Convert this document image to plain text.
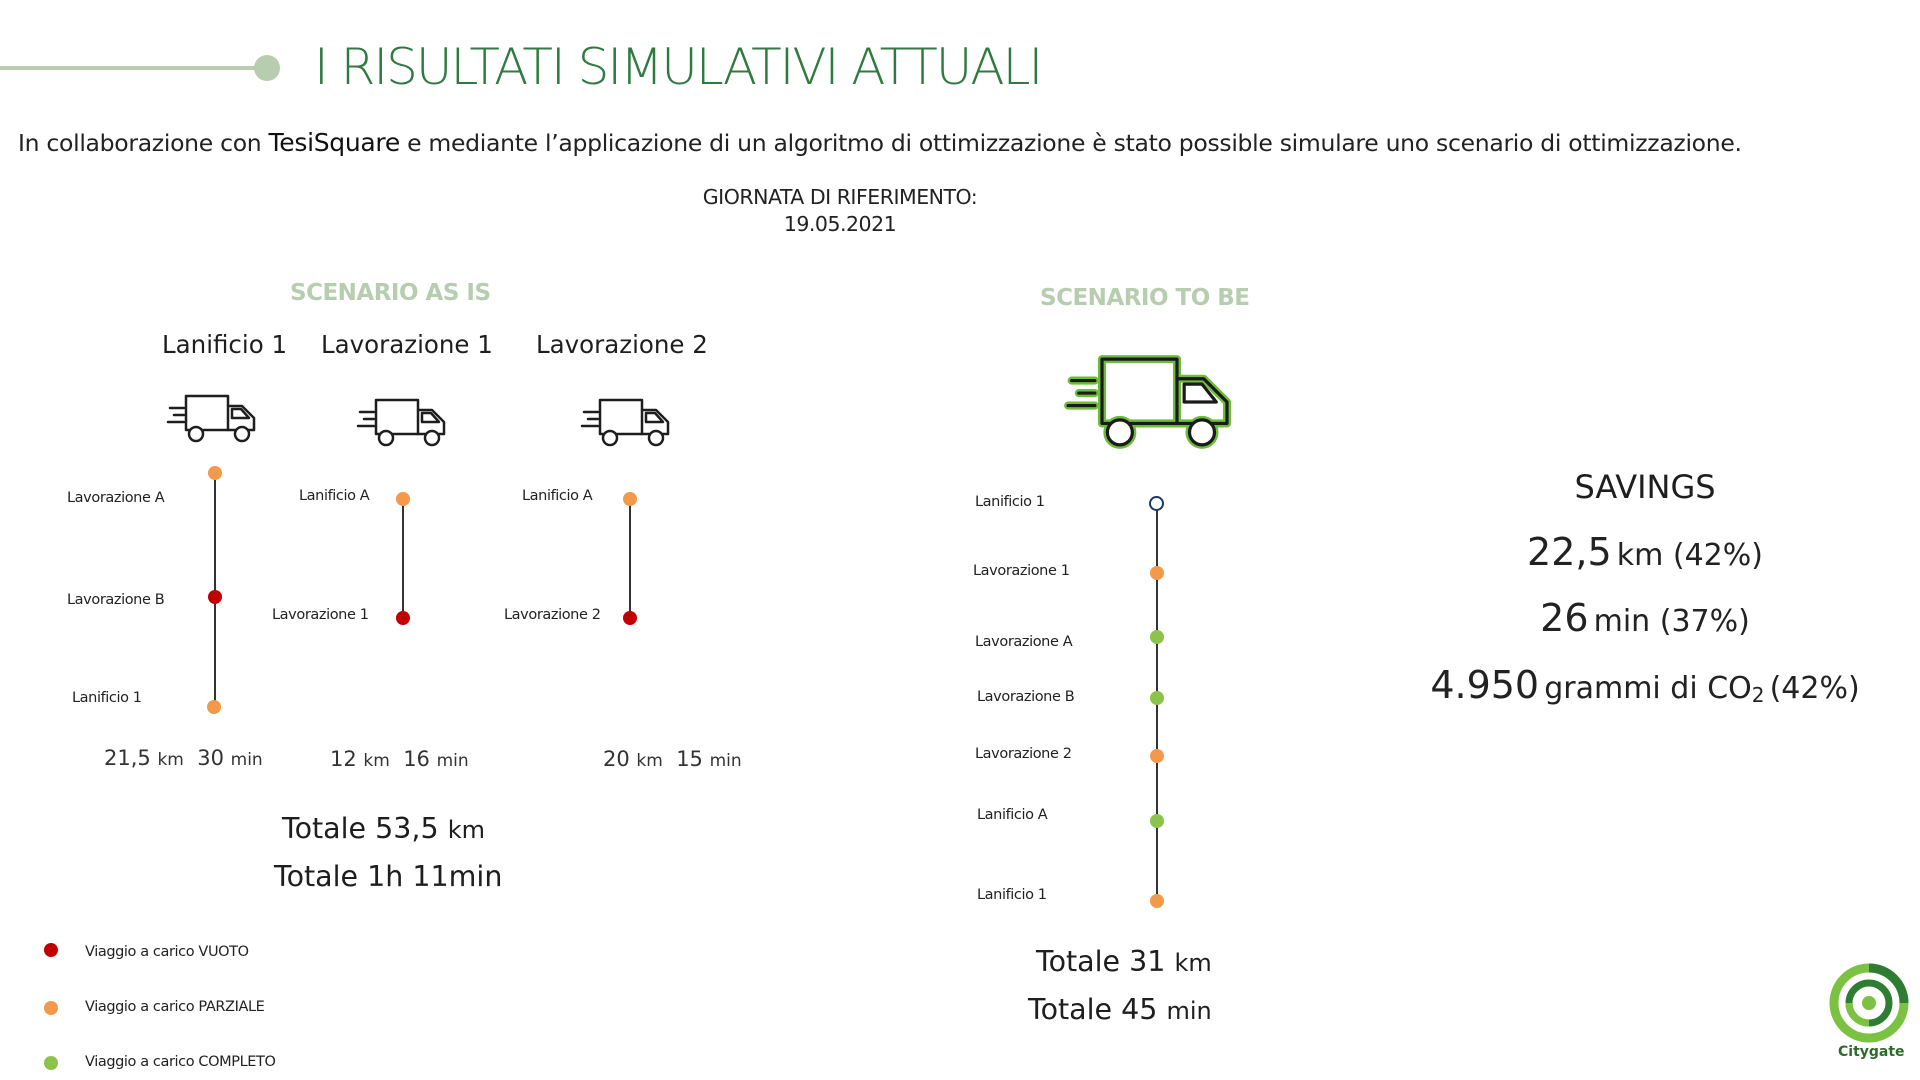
I RISULTATI SIMULATIVI ATTUALI
In collaborazione con TesiSquare e mediante l’applicazione di un algoritmo di ottimizzazione è stato possible simulare uno scenario di ottimizzazione.
GIORNATA DI RIFERIMENTO:
19.05.2021
SCENARIO AS IS
Lanificio 1 Lavorazione 1 Lavorazione 2
Lavorazione A
Lavorazione B
Lanificio 1
Lanificio A
Lavorazione 1
Lanificio A
Lavorazione 2
21,5 km 30 min	12 km 16 min	20 km 15 min
Totale 53,5 km
Totale 1h 11min
Viaggio a carico VUOTO
Viaggio a carico PARZIALE
Viaggio a carico COMPLETO
SCENARIO TO BE
Lanificio 1
Lavorazione 1
Lavorazione A
Lavorazione B
Lavorazione 2
Lanificio A
Lanificio 1
Totale 31 km
Totale 45 min
SAVINGS
22,5 km (42%)
26 min (37%)
4.950 grammi di $CO_2$ (42%)
Citygate
